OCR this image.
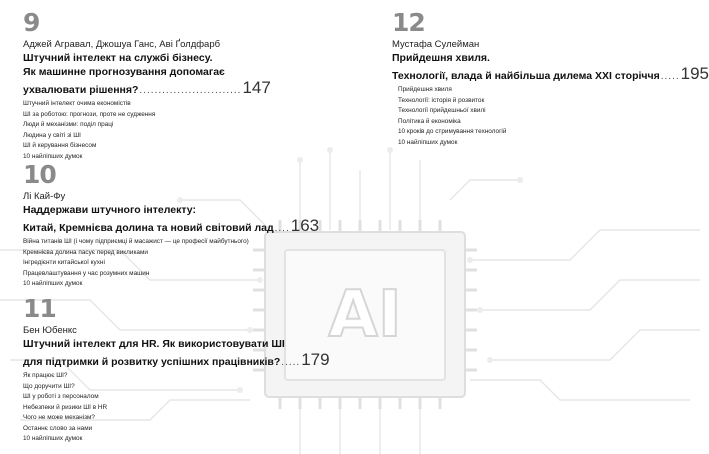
AI
9
Аджей Агравал, Джошуа Ганс, Аві Ґолдфарб
Штучний інтелект на службі бізнесу.
Як машинне прогнозування допомагає
ухвалювати рішення? ........................... 147
Штучний інтелект очима економістів
ШІ за роботою: прогнози, проте не судження
Люди й механізми: поділ праці
Людина у світі зі ШІ
ШІ й керування бізнесом
10 найліпших думок
10
Лі Кай-Фу
Наддержави штучного інтелекту:
Китай, Кремнієва долина та новий світовий лад .... 163
Війна титанів ШІ (і чому підприємці й масажист — це професії майбутнього)
Кремнієва долина пасує перед викликами
Інгредієнти китайської кухні
Працевлаштування у час розумних машин
10 найліпших думок
11
Бен Юбенкс
Штучний інтелект для HR. Як використовувати ШІ
для підтримки й розвитку успішних працівників? ..... 179
Як працює ШІ?
Що доручити ШІ?
ШІ у роботі з персоналом
Небезпеки й ризики ШІ в HR
Чого не може механізм?
Останнє слово за нами
10 найліпших думок
12
Мустафа Сулейман
Прийдешня хвиля.
Технології, влада й найбільша дилема XXI сторіччя ..... 195
Прийдешня хвиля
Технології: історія й розвиток
Технології прийдешньої хвилі
Політика й економіка
10 кроків до стримування технологій
10 найліпших думок
